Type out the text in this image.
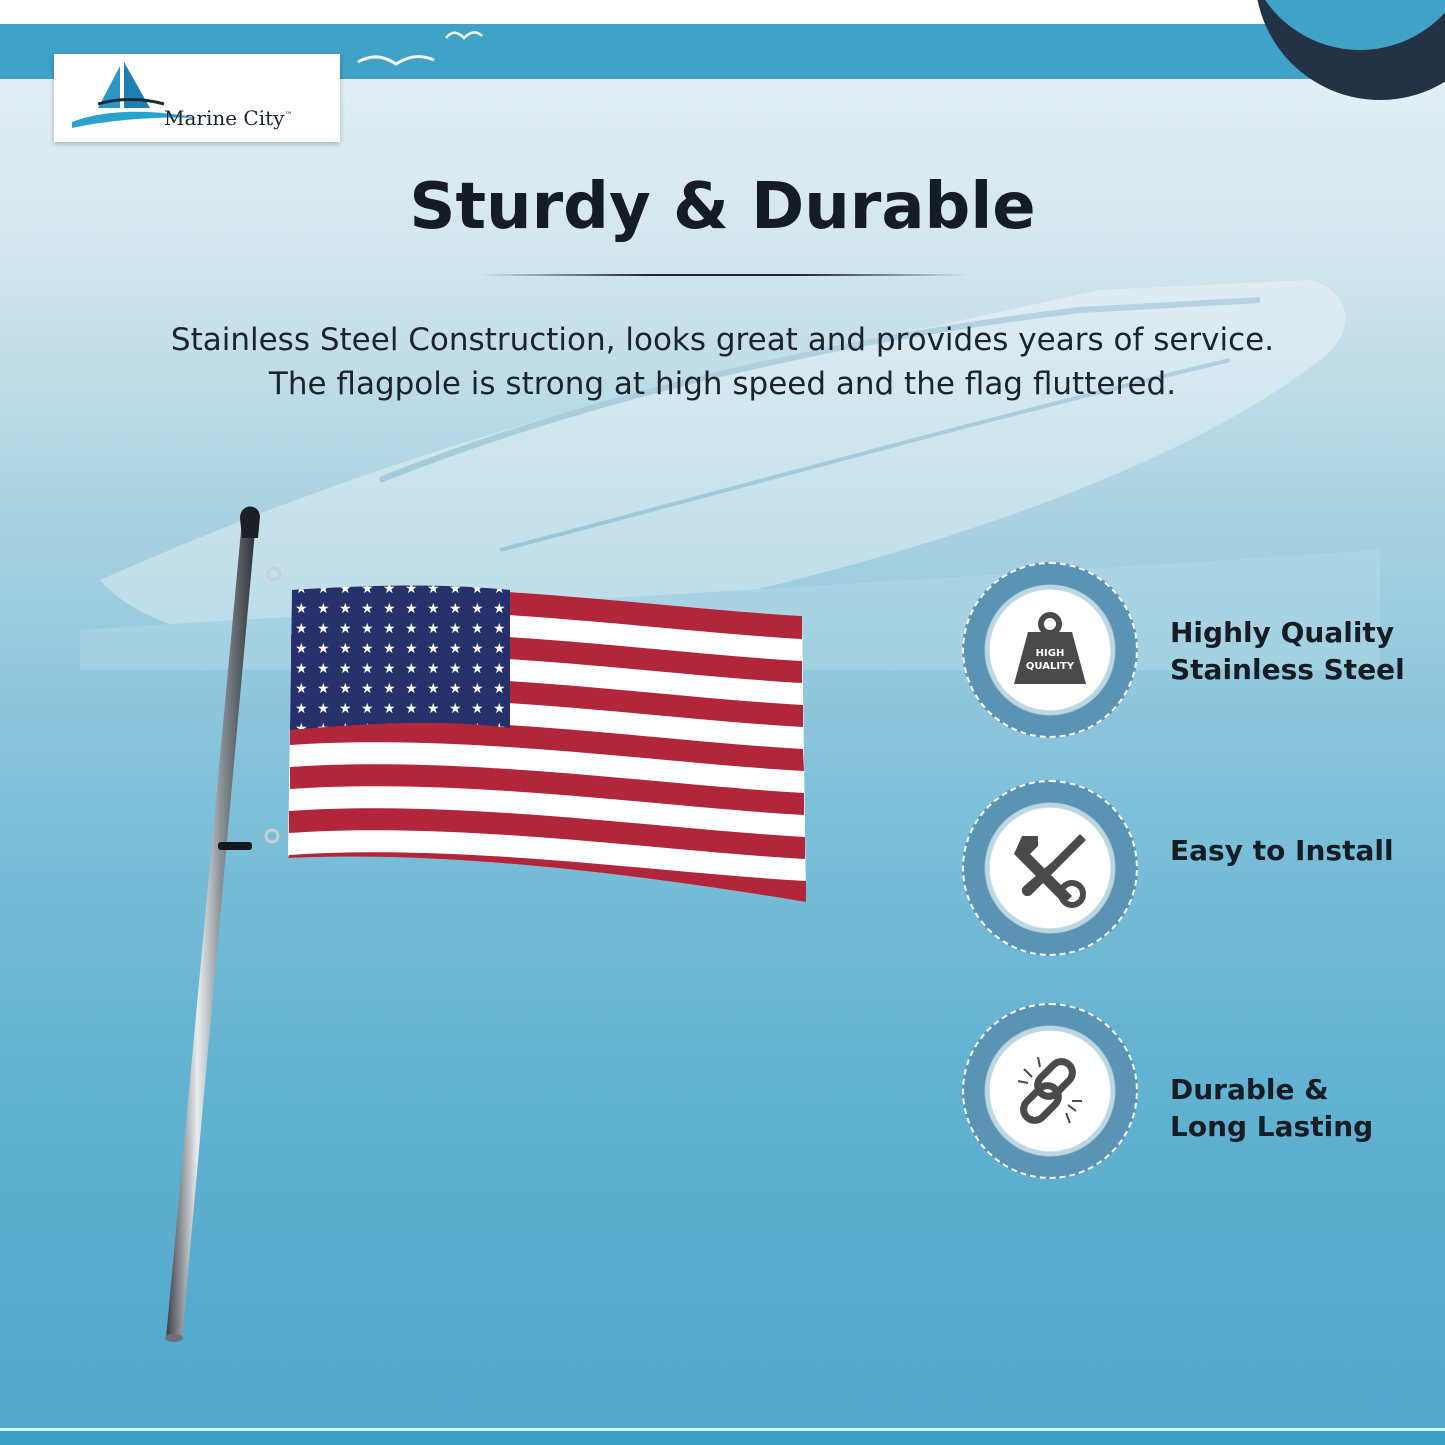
Marine City™
Sturdy & Durable
Stainless Steel Construction, looks great and provides years of service.
The flagpole is strong at high speed and the flag fluttered.
HIGH
QUALITY
Highly Quality
Stainless Steel
Easy to Install
Durable &
Long Lasting
